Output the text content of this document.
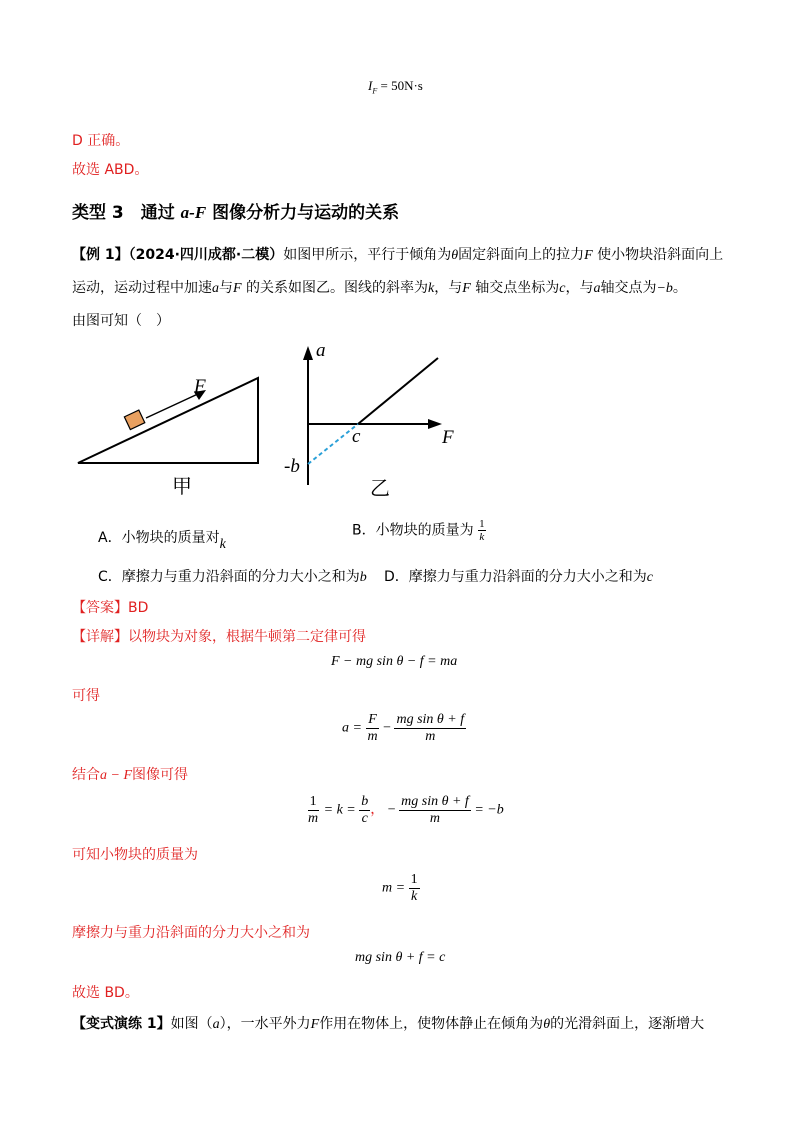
$I_F = 50N\cdot s$
D 正确。
故选 ABD。
类型 3　通过 a-F 图像分析力与运动的关系
【例 1】（2024·四川成都·二模）如图甲所示，平行于倾角为θ固定斜面向上的拉力F 使小物块沿斜面向上
运动，运动过程中加速a与F 的关系如图乙。图线的斜率为k，与F 轴交点坐标为c，与a轴交点为−b。
由图可知（　）
F
甲
a
F
c
-b
乙
A．小物块的质量对k
B．小物块的质量为 $\frac{1}{k}$
C．摩擦力与重力沿斜面的分力大小之和为b D．摩擦力与重力沿斜面的分力大小之和为c
【答案】BD
【详解】以物块为对象，根据牛顿第二定律可得
F − mg sin θ − f = ma
可得
$a = \frac{F}{m} - \frac{\text{mg sin θ + f}}{m}$
结合a − F图像可得
$\frac{1}{m} = k = \frac{b}{c}$ ， − $\frac{\text{mg sin θ + f}}{m} = -b$
可知小物块的质量为
$m = \frac{1}{k}$
摩擦力与重力沿斜面的分力大小之和为
mg sin θ + f = c
故选 BD。
【变式演练 1】如图（a），一水平外力F作用在物体上，使物体静止在倾角为θ的光滑斜面上，逐渐增大
